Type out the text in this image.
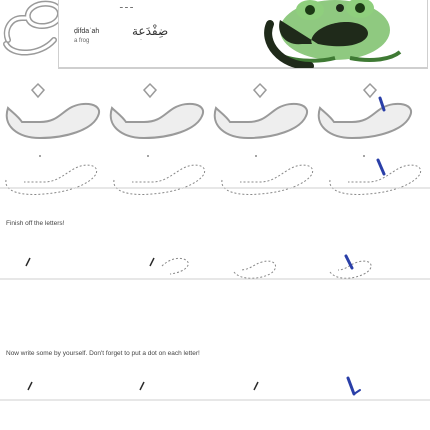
ـ ـ ـ
ḍifdaʿah
a frog
ضِفْدَعة
-
Finish off the letters!
Now write some by yourself. Don't forget to put a dot on each letter!
